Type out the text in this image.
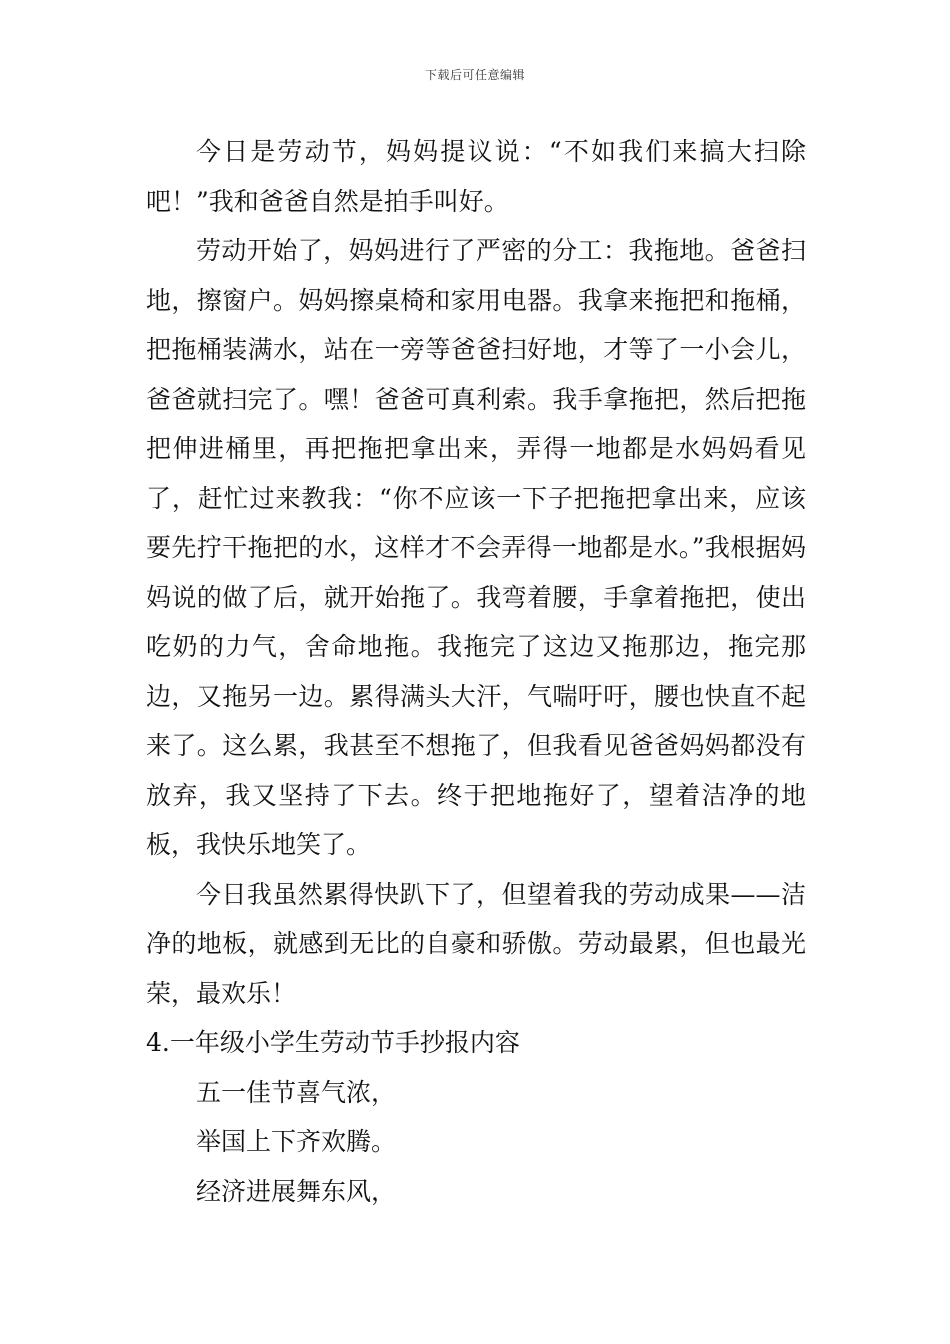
下载后可任意编辑

今日是劳动节，妈妈提议说：“不如我们来搞大扫除吧！”我和爸爸自然是拍手叫好。

劳动开始了，妈妈进行了严密的分工：我拖地。爸爸扫地，擦窗户。妈妈擦桌椅和家用电器。我拿来拖把和拖桶，把拖桶装满水，站在一旁等爸爸扫好地，才等了一小会儿，爸爸就扫完了。嘿！爸爸可真利索。我手拿拖把，然后把拖把伸进桶里，再把拖把拿出来，弄得一地都是水妈妈看见了，赶忙过来教我：“你不应该一下子把拖把拿出来，应该要先拧干拖把的水，这样才不会弄得一地都是水。”我根据妈妈说的做了后，就开始拖了。我弯着腰，手拿着拖把，使出吃奶的力气，舍命地拖。我拖完了这边又拖那边，拖完那边，又拖另一边。累得满头大汗，气喘吁吁，腰也快直不起来了。这么累，我甚至不想拖了，但我看见爸爸妈妈都没有放弃，我又坚持了下去。终于把地拖好了，望着洁净的地板，我快乐地笑了。

今日我虽然累得快趴下了，但望着我的劳动成果——洁净的地板，就感到无比的自豪和骄傲。劳动最累，但也最光荣，最欢乐！

4.一年级小学生劳动节手抄报内容

五一佳节喜气浓，

举国上下齐欢腾。

经济进展舞东风，
